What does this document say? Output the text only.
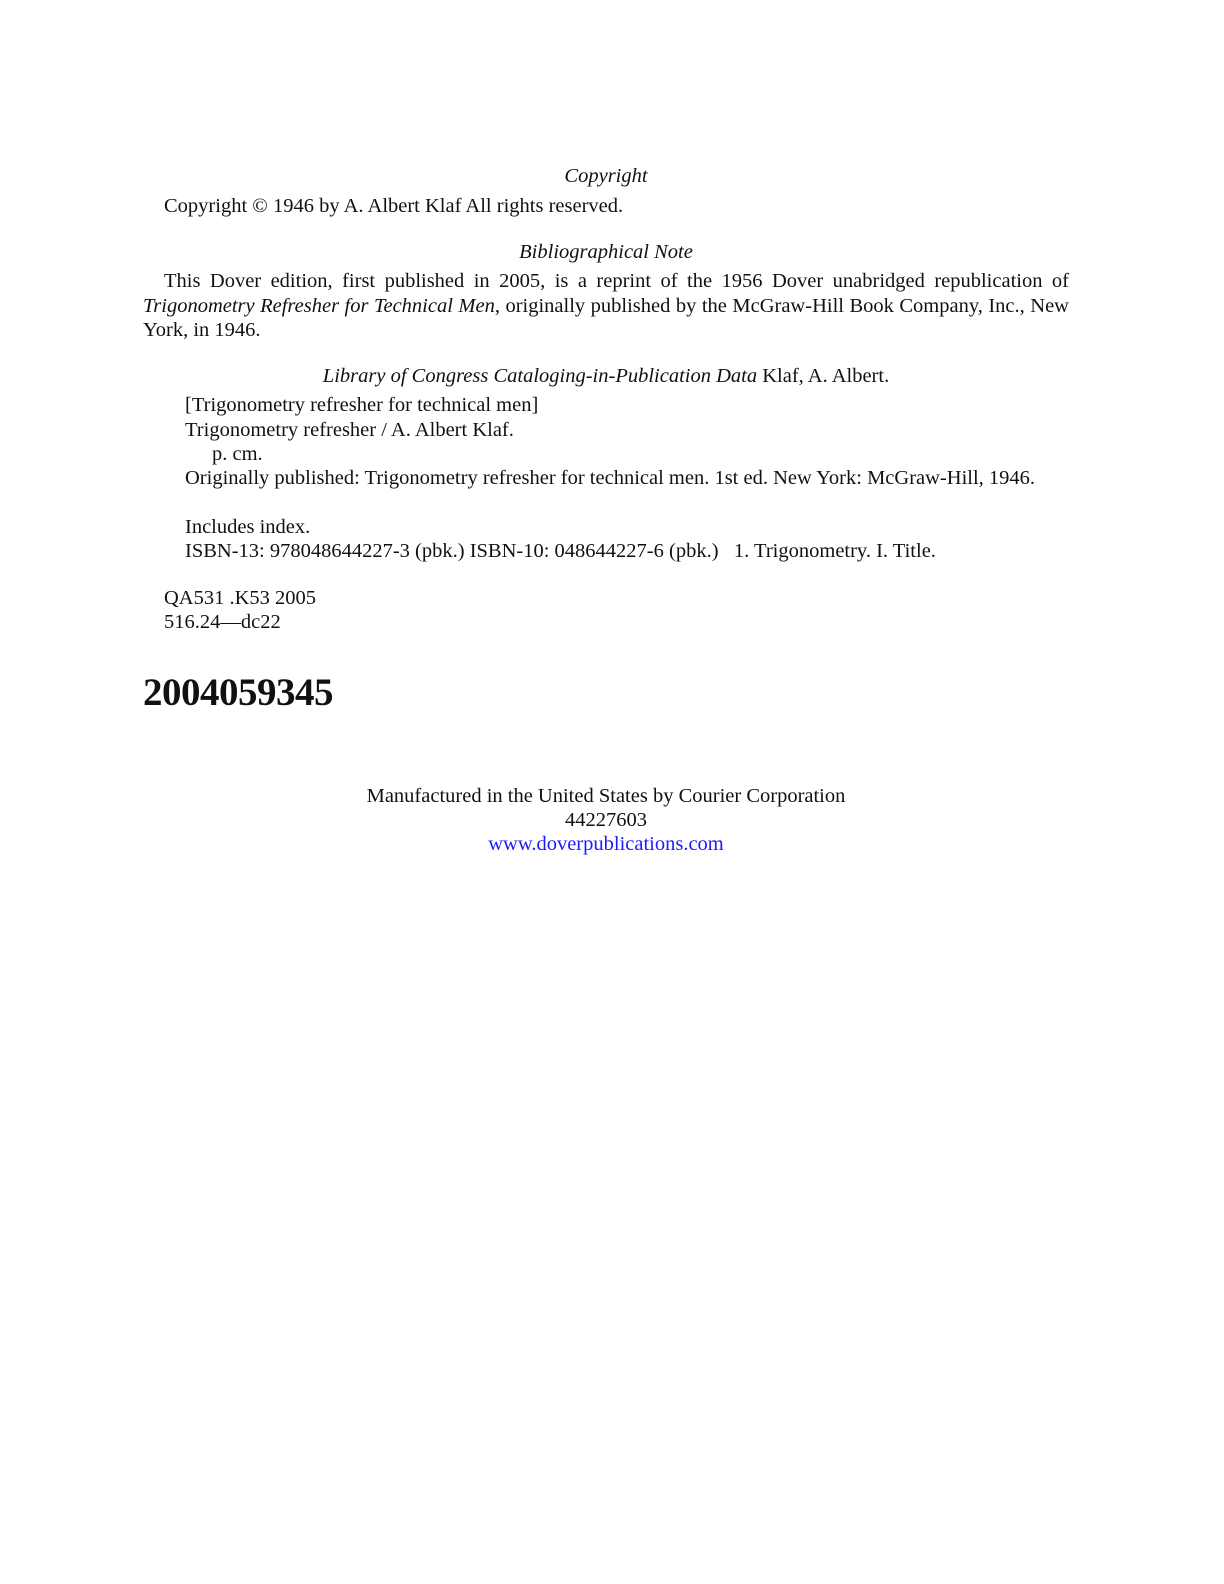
Copyright
Copyright © 1946 by A. Albert Klaf All rights reserved.
Bibliographical Note
This Dover edition, first published in 2005, is a reprint of the 1956 Dover unabridged republication of Trigonometry Refresher for Technical Men, originally published by the McGraw-Hill Book Company, Inc., New York, in 1946.
Library of Congress Cataloging-in-Publication Data Klaf, A. Albert.
[Trigonometry refresher for technical men]
Trigonometry refresher / A. Albert Klaf.
p. cm.
Originally published: Trigonometry refresher for technical men. 1st ed. New York: McGraw-Hill, 1946.
Includes index.
ISBN-13: 978048644227-3 (pbk.) ISBN-10: 048644227-6 (pbk.)   1. Trigonometry. I. Title.
QA531 .K53 2005
516.24—dc22
2004059345
Manufactured in the United States by Courier Corporation
44227603
www.doverpublications.com
